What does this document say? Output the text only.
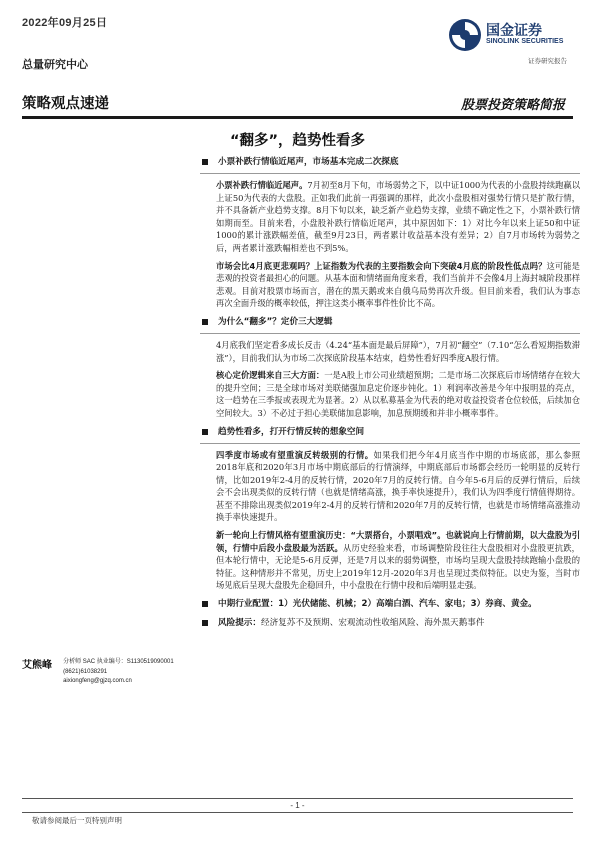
2022年09月25日	国金证券
SINOLINK SECURITIES
证券研究报告
总量研究中心
策略观点速递	股票投资策略简报
“翻多”，趋势性看多
小票补跌行情临近尾声，市场基本完成二次探底

小票补跌行情临近尾声。7月初至8月下旬，市场弱势之下，以中证1000为代表的小盘股持续跑赢以上证50为代表的大盘股。正如我们此前一再强调的那样，此次小盘股相对强势行情只是扩散行情，并不具备新产业趋势支撑。8月下旬以来，缺乏新产业趋势支撑，业绩不确定性之下，小票补跌行情如期而至。目前来看，小盘股补跌行情临近尾声，其中原因如下：1）对比今年以来上证50和中证1000的累计涨跌幅差值，截至9月23日，两者累计收益基本没有差异；2）自7月市场转为弱势之后，两者累计涨跌幅相差也不到5%。

市场会比4月底更悲观吗？上证指数为代表的主要指数会向下突破4月底的阶段性低点吗？这可能是悲观的投资者最担心的问题。从基本面和情绪面角度来看，我们当前并不会像4月上海封城阶段那样悲观。目前对股票市场而言，潜在的黑天鹅或来自俄乌局势再次升级。但目前来看，我们认为事态再次全面升级的概率较低，押注这类小概率事件性价比不高。

为什么“翻多”？定价三大逻辑

4月底我们坚定看多成长反击（4.24“基本面是最后屏障”），7月初“翻空”（7.10“怎么看短期指数滞涨”），目前我们认为市场二次探底阶段基本结束，趋势性看好四季度A股行情。

核心定价逻辑来自三大方面：一是A股上市公司业绩超预期；二是市场二次探底后市场情绪存在较大的提升空间；三是全球市场对美联储强加息定价逐步钝化。1）利润率改善是今年中报明显的亮点，这一趋势在三季报或表现尤为显著。2）从以私募基金为代表的绝对收益投资者仓位较低，后续加仓空间较大。3）不必过于担心美联储加息影响，加息预期缓和并非小概率事件。

趋势性看多，打开行情反转的想象空间

四季度市场或有望重演反转级别的行情。如果我们把今年4月底当作中期的市场底部，那么参照2018年底和2020年3月市场中期底部后的行情演绎，中期底部后市场都会经历一轮明显的反转行情，比如2019年2-4月的反转行情，2020年7月的反转行情。自今年5-6月后的反弹行情后，后续会不会出现类似的反转行情（也就是情绪高涨，换手率快速提升），我们认为四季度行情值得期待。甚至不排除出现类似2019年2-4月的反转行情和2020年7月的反转行情，也就是市场情绪高涨推动换手率快速提升。

新一轮向上行情风格有望重演历史：“大票搭台，小票唱戏”。也就说向上行情前期，以大盘股为引领，行情中后段小盘股最为活跃。从历史经验来看，市场调整阶段往往大盘股相对小盘股更抗跌，但本轮行情中，无论是5-6月反弹，还是7月以来的弱势调整，市场均呈现大盘股持续跑输小盘股的特征。这种情形并不常见，历史上2019年12月-2020年3月也呈现过类似特征。以史为鉴，当时市场见底后呈现大盘股先企稳回升，中小盘股在行情中段和后端明显走强。

中期行业配置：1）光伏储能、机械；2）高端白酒、汽车、家电；3）券商、黄金。
风险提示：经济复苏不及预期、宏观流动性收缩风险、海外黑天鹅事件
艾熊峰 分析师 SAC 执业编号：S1130519090001
(8621)61038291
aixiongfeng@gjzq.com.cn
- 1 -
敬请参阅最后一页特别声明
